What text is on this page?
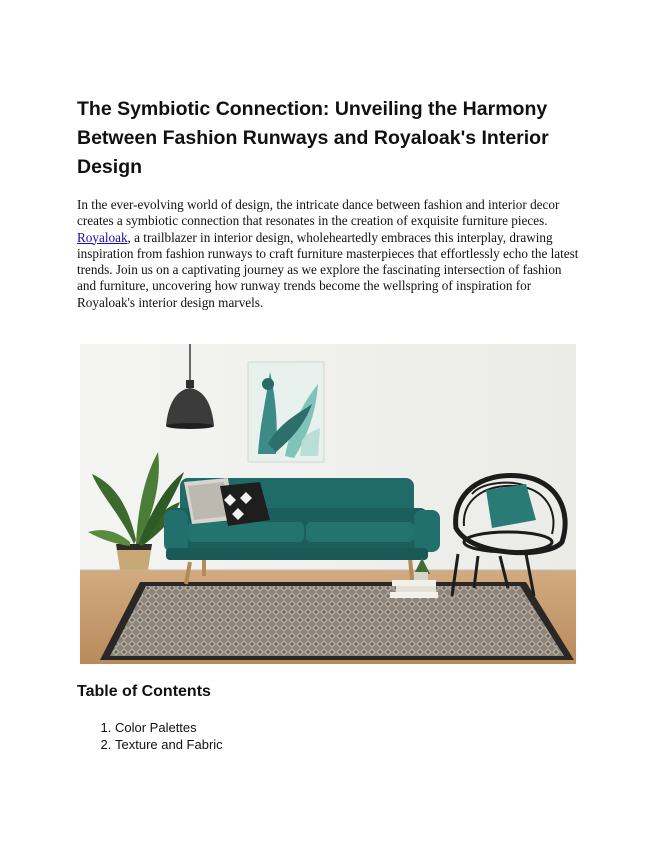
The Symbiotic Connection: Unveiling the Harmony Between Fashion Runways and Royaloak's Interior Design

In the ever-evolving world of design, the intricate dance between fashion and interior decor creates a symbiotic connection that resonates in the creation of exquisite furniture pieces. Royaloak, a trailblazer in interior design, wholeheartedly embraces this interplay, drawing inspiration from fashion runways to craft furniture masterpieces that effortlessly echo the latest trends. Join us on a captivating journey as we explore the fascinating intersection of fashion and furniture, uncovering how runway trends become the wellspring of inspiration for Royaloak's interior design marvels.

Table of Contents
1. Color Palettes
2. Texture and Fabric
